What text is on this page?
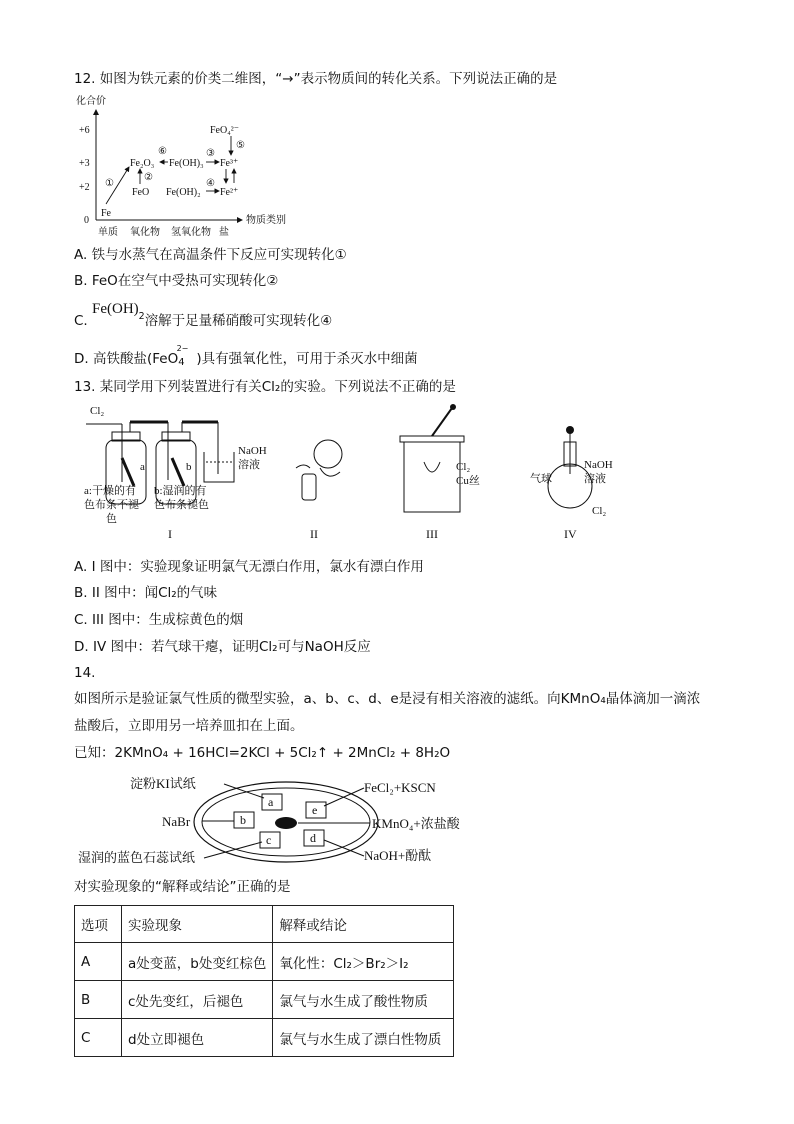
12. 如图为铁元素的价类二维图，“→”表示物质间的转化关系。下列说法正确的是
化合价
物质类别
+6
+3
+2
0
单质 氧化物 氢氧化物 盐
Fe
Fe₂O₃
FeO
Fe(OH)₃
Fe(OH)₂
Fe³⁺
Fe²⁺
FeO₄²⁻
①
②
③
④
⑤
⑥
A. 铁与水蒸气在高温条件下反应可实现转化①
B. FeO在空气中受热可实现转化②
C. $Fe(OH)_2$溶解于足量稀硝酸可实现转化④
D. 高铁酸盐$(FeO4^{2-})$具有强氧化性，可用于杀灭水中细菌
13. 某同学用下列装置进行有关Cl₂的实验。下列说法不正确的是
Cl₂
a	b
NaOH
溶液
a:干燥的有
色布条不褪
色
b:湿润的有
色布条褪色
I	II
Cl₂
Cu丝
III
气球
NaOH
溶液
Cl₂
IV
A. I 图中：实验现象证明氯气无漂白作用，氯水有漂白作用
B. II 图中：闻Cl₂的气味
C. III 图中：生成棕黄色的烟
D. IV 图中：若气球干瘪，证明Cl₂可与NaOH反应
14.
如图所示是验证氯气性质的微型实验，a、b、c、d、e是浸有相关溶液的滤纸。向KMnO₄晶体滴加一滴浓
盐酸后，立即用另一培养皿扣在上面。
已知：2KMnO₄ + 16HCl=2KCl + 5Cl₂↑ + 2MnCl₂ + 8H₂O
a
b
c	d
e
淀粉KI试纸	FeCl₂+KSCN
NaBr	KMnO₄+浓盐酸
湿润的蓝色石蕊试纸	NaOH+酚酞
对实验现象的“解释或结论”正确的是
选项	实验现象	解释或结论
A	a处变蓝，b处变红棕色	氧化性：Cl₂＞Br₂＞I₂
B	c处先变红，后褪色	氯气与水生成了酸性物质
C	d处立即褪色	氯气与水生成了漂白性物质
